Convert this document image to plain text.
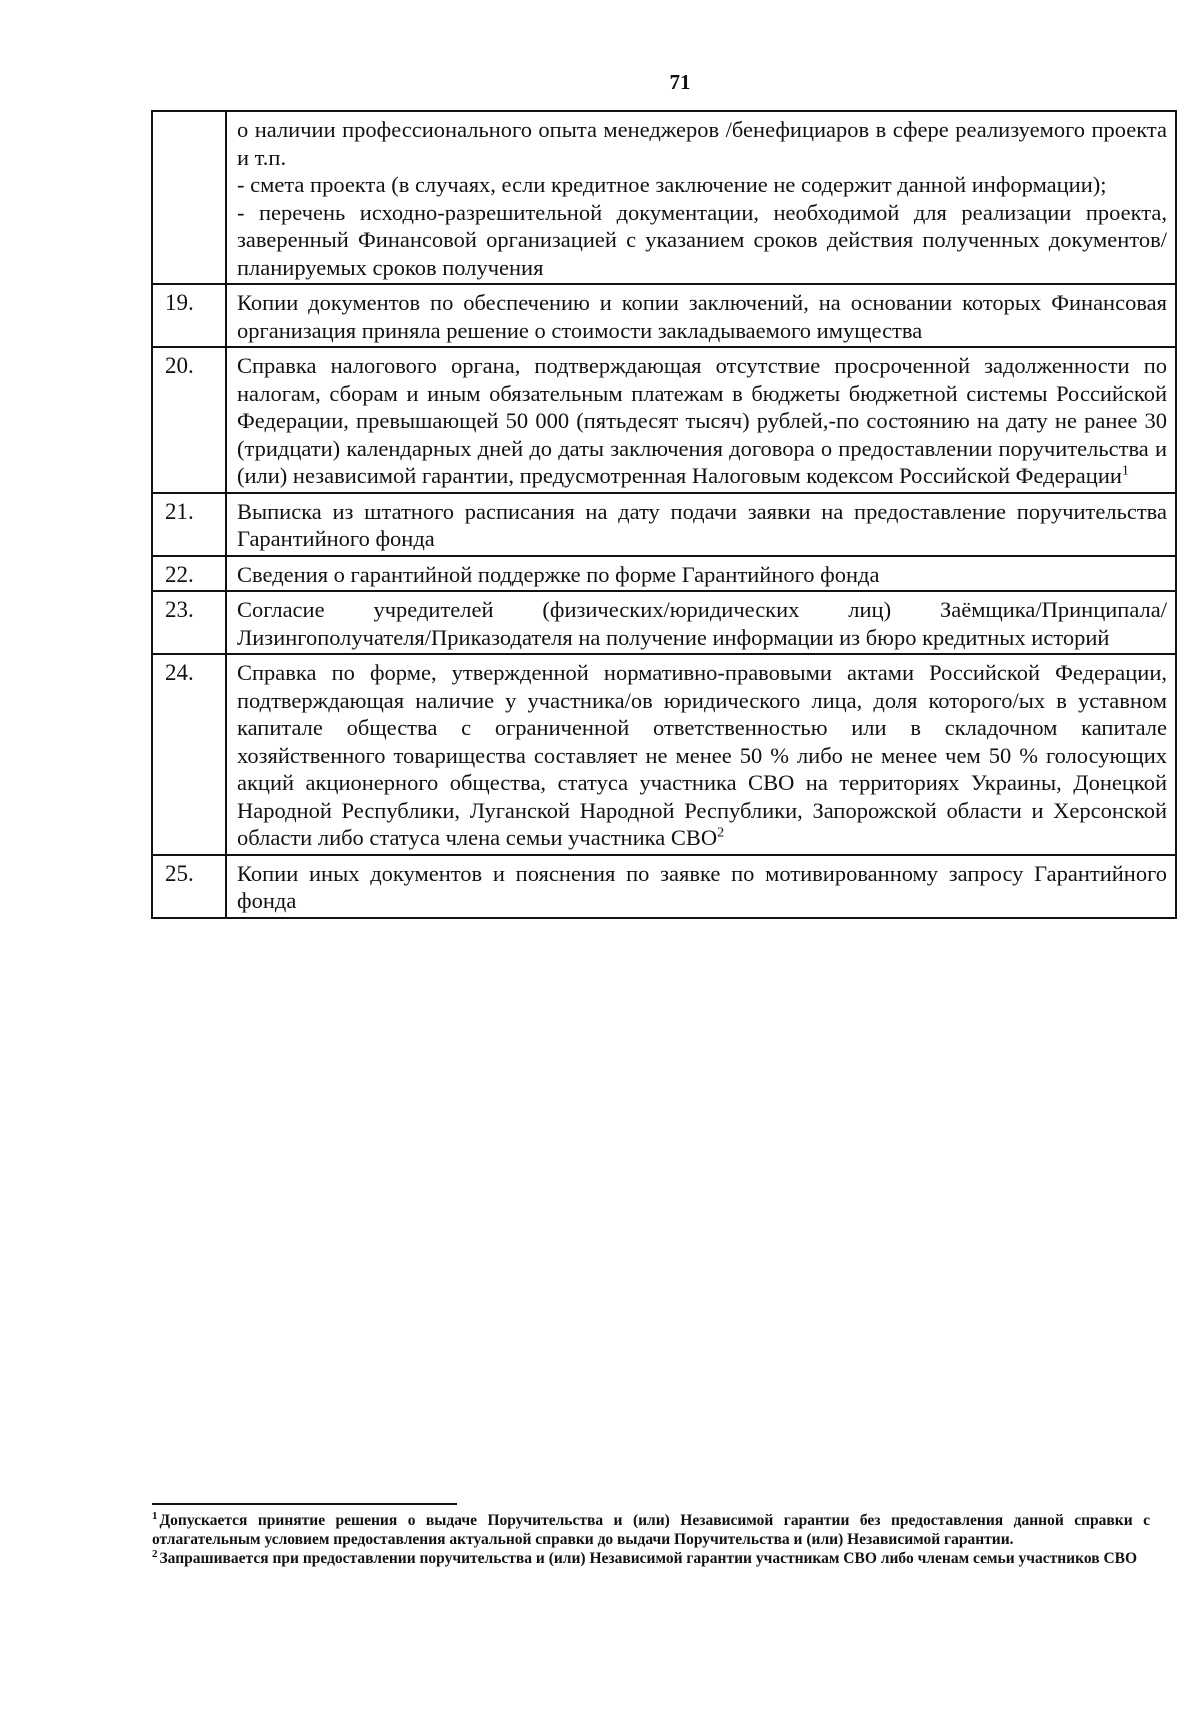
71

	о наличии профессионального опыта менеджеров /бенефициаров в сфере реализуемого проекта и т.п.
- смета проекта (в случаях, если кредитное заключение не содержит данной информации);
- перечень исходно-разрешительной документации, необходимой для реализации проекта, заверенный Финансовой организацией с указанием сроков действия полученных документов/планируемых сроков получения

19.	Копии документов по обеспечению и копии заключений, на основании которых Финансовая организация приняла решение о стоимости закладываемого имущества

20.	Справка налогового органа, подтверждающая отсутствие просроченной задолженности по налогам, сборам и иным обязательным платежам в бюджеты бюджетной системы Российской Федерации, превышающей 50 000 (пятьдесят тысяч) рублей,-по состоянию на дату не ранее 30 (тридцати) календарных дней до даты заключения договора о предоставлении поручительства и (или) независимой гарантии, предусмотренная Налоговым кодексом Российской Федерации$^1$

21.	Выписка из штатного расписания на дату подачи заявки на предоставление поручительства Гарантийного фонда

22.	Сведения о гарантийной поддержке по форме Гарантийного фонда

23.	Согласие учредителей (физических/юридических лиц) Заёмщика/Принципала/Лизингополучателя/Приказодателя на получение информации из бюро кредитных историй

24.	Справка по форме, утвержденной нормативно-правовыми актами Российской Федерации, подтверждающая наличие у участника/ов юридического лица, доля которого/ых в уставном капитале общества с ограниченной ответственностью или в складочном капитале хозяйственного товарищества составляет не менее 50 % либо не менее чем 50 % голосующих акций акционерного общества, статуса участника СВО на территориях Украины, Донецкой Народной Республики, Луганской Народной Республики, Запорожской области и Херсонской области либо статуса члена семьи участника СВО$^2$

25.	Копии иных документов и пояснения по заявке по мотивированному запросу Гарантийного фонда

$^1$ Допускается принятие решения о выдаче Поручительства и (или) Независимой гарантии без предоставления данной справки с отлагательным условием предоставления актуальной справки до выдачи Поручительства и (или) Независимой гарантии.

$^2$ Запрашивается при предоставлении поручительства и (или) Независимой гарантии участникам СВО либо членам семьи участников СВО
